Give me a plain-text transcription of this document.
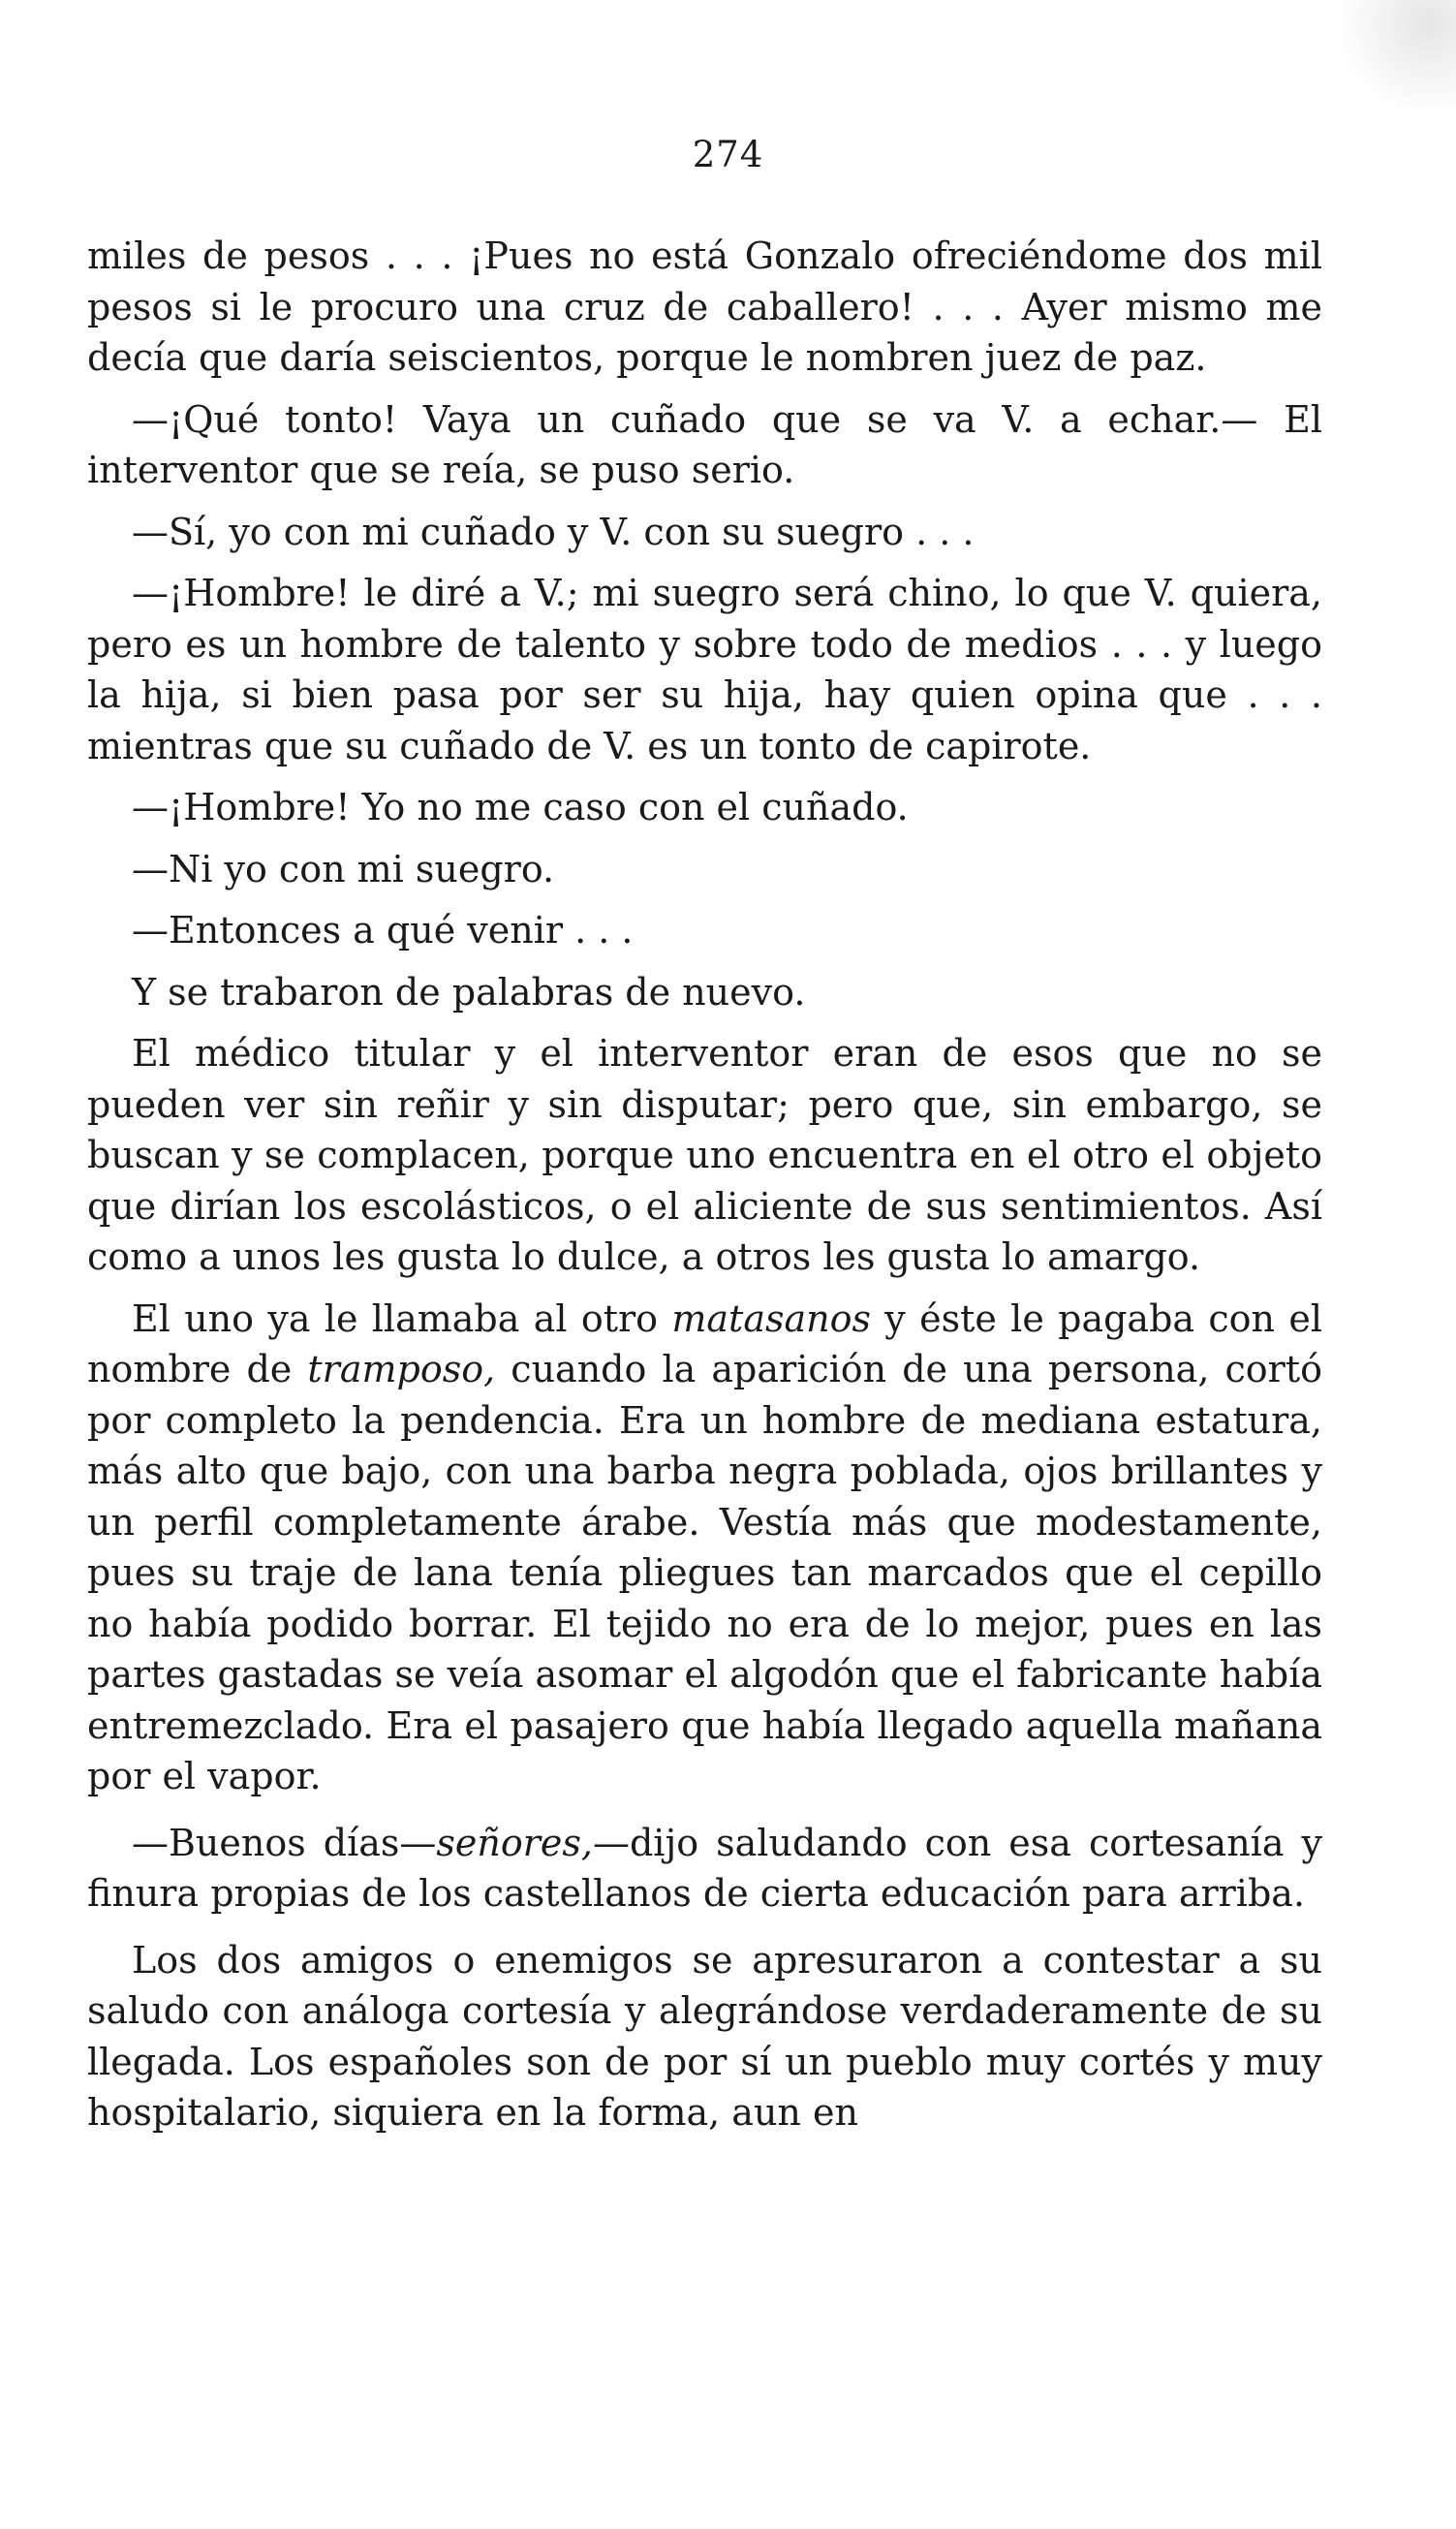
274

miles de pesos . . . ¡Pues no está Gonzalo ofreciéndome dos mil pesos si le procuro una cruz de caballero! . . . Ayer mismo me decía que daría seiscientos, porque le nombren juez de paz.

—¡Qué tonto! Vaya un cuñado que se va V. a echar.— El interventor que se reía, se puso serio.

—Sí, yo con mi cuñado y V. con su suegro . . .

—¡Hombre! le diré a V.; mi suegro será chino, lo que V. quiera, pero es un hombre de talento y sobre todo de medios . . . y luego la hija, si bien pasa por ser su hija, hay quien opina que . . . mientras que su cuñado de V. es un tonto de capirote.

—¡Hombre! Yo no me caso con el cuñado.

—Ni yo con mi suegro.

—Entonces a qué venir . . .

Y se trabaron de palabras de nuevo.

El médico titular y el interventor eran de esos que no se pueden ver sin reñir y sin disputar; pero que, sin embargo, se buscan y se complacen, porque uno encuentra en el otro el objeto que dirían los escolásticos, o el aliciente de sus sentimientos. Así como a unos les gusta lo dulce, a otros les gusta lo amargo.

El uno ya le llamaba al otro matasanos y éste le pagaba con el nombre de tramposo, cuando la aparición de una persona, cortó por completo la pendencia. Era un hombre de mediana estatura, más alto que bajo, con una barba negra poblada, ojos brillantes y un perfil completamente árabe. Vestía más que modestamente, pues su traje de lana tenía pliegues tan marcados que el cepillo no había podido borrar. El tejido no era de lo mejor, pues en las partes gastadas se veía asomar el algodón que el fabricante había entremezclado. Era el pasajero que había llegado aquella mañana por el vapor.

—Buenos días—señores,—dijo saludando con esa cortesanía y finura propias de los castellanos de cierta educación para arriba.

Los dos amigos o enemigos se apresuraron a contestar a su saludo con análoga cortesía y alegrándose verdaderamente de su llegada. Los españoles son de por sí un pueblo muy cortés y muy hospitalario, siquiera en la forma, aun en
